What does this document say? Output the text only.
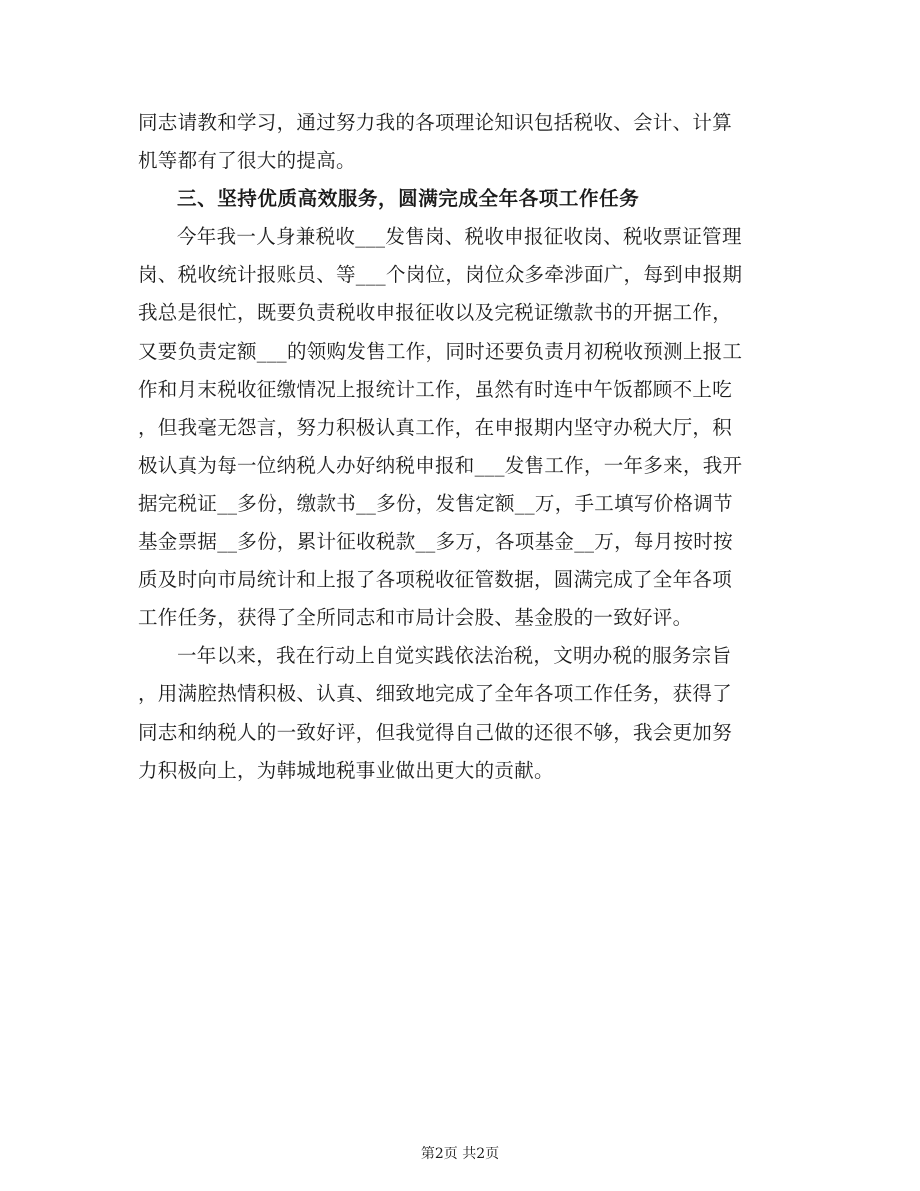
同志请教和学习，通过努力我的各项理论知识包括税收、会计、计算
机等都有了很大的提高。
三、坚持优质高效服务，圆满完成全年各项工作任务
今年我一人身兼税收___发售岗、税收申报征收岗、税收票证管理
岗、税收统计报账员、等___个岗位，岗位众多牵涉面广，每到申报期
我总是很忙，既要负责税收申报征收以及完税证缴款书的开据工作，
又要负责定额___的领购发售工作，同时还要负责月初税收预测上报工
作和月末税收征缴情况上报统计工作，虽然有时连中午饭都顾不上吃
，但我毫无怨言，努力积极认真工作，在申报期内坚守办税大厅，积
极认真为每一位纳税人办好纳税申报和___发售工作，一年多来，我开
据完税证__多份，缴款书__多份，发售定额__万，手工填写价格调节
基金票据__多份，累计征收税款__多万，各项基金__万，每月按时按
质及时向市局统计和上报了各项税收征管数据，圆满完成了全年各项
工作任务，获得了全所同志和市局计会股、基金股的一致好评。
一年以来，我在行动上自觉实践依法治税，文明办税的服务宗旨
，用满腔热情积极、认真、细致地完成了全年各项工作任务，获得了
同志和纳税人的一致好评，但我觉得自己做的还很不够，我会更加努
力积极向上，为韩城地税事业做出更大的贡献。
第2页 共2页
